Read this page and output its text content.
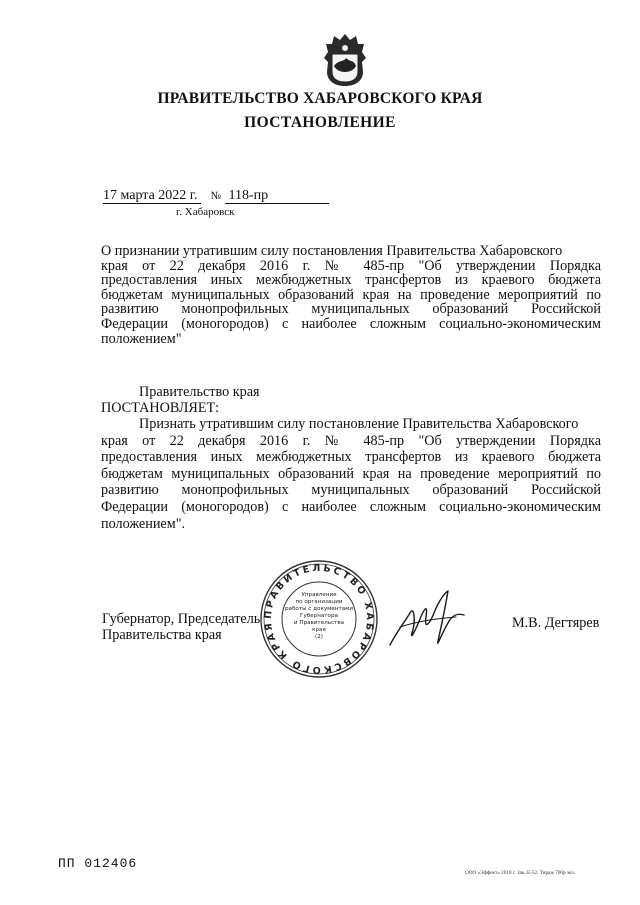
ПРАВИТЕЛЬСТВО ХАБАРОВСКОГО КРАЯ
ПОСТАНОВЛЕНИЕ
17 марта 2022 г. № 118-пр
г. Хабаровск

О признании утратившим силу постановления Правительства Хабаровского

края от 22 декабря 2016 г. № 485-пр "Об утверждении Порядка

предоставления иных межбюджетных трансфертов из краевого бюджета

бюджетам муниципальных образований края на проведение мероприятий по

развитию монопрофильных муниципальных образований Российской

Федерации (моногородов) с наиболее сложным социально-экономическим

положением"

Правительство края
ПОСТАНОВЛЯЕТ:

Признать утратившим силу постановление Правительства Хабаровского

края от 22 декабря 2016 г. № 485-пр "Об утверждении Порядка

предоставления иных межбюджетных трансфертов из краевого бюджета

бюджетам муниципальных образований края на проведение мероприятий по

развитию монопрофильных муниципальных образований Российской

Федерации (моногородов) с наиболее сложным социально-экономическим

положением".

Губернатор, Председатель
Правительства края
М.В. Дегтярев
ПРАВИТЕЛЬСТВО ХАБАРОВСКОГО КРАЯ
Управление
по организации
работы с документами
Губернатора
и Правительства
края
(2)
ПП 012406
ООО «Эффект» 2018 г. Зак. Е-52. Тираж 700р экз.
